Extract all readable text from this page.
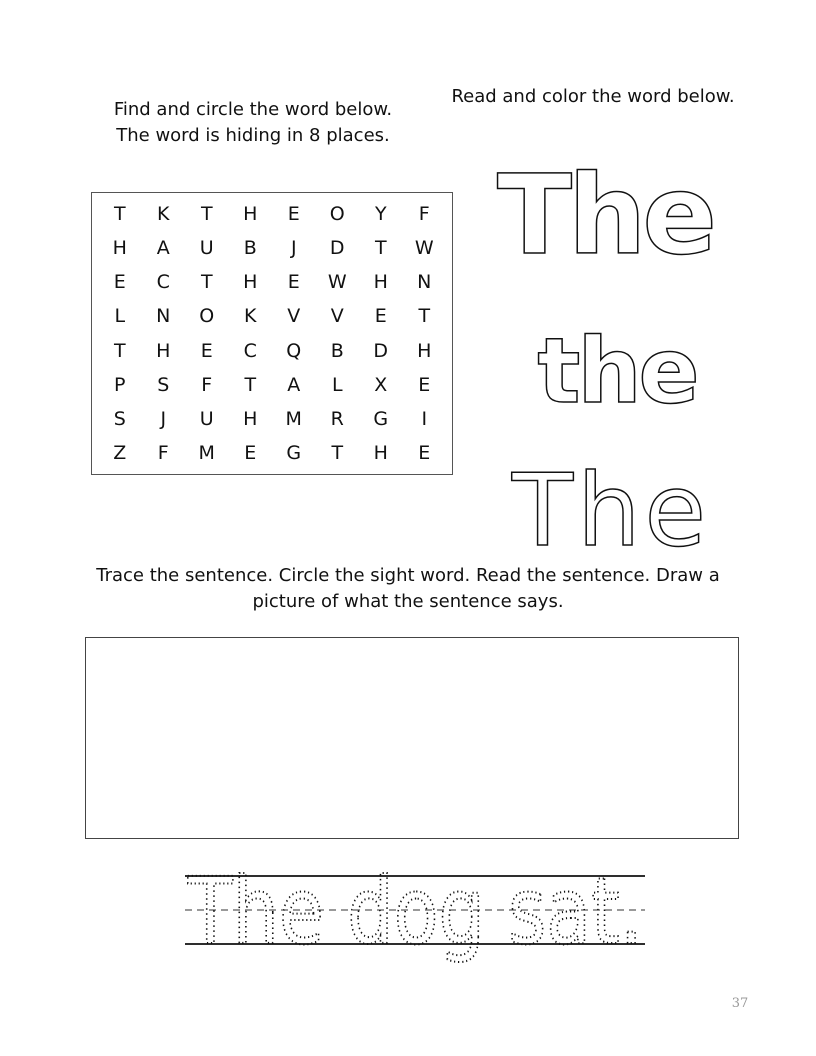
Find and circle the word below.
The word is hiding in 8 places.

Read and color the word below.

T	K	T	H	E	O	Y	F
H	A	U	B	J	D	T	W
E	C	T	H	E	W	H	N
L	N	O	K	V	V	E	T
T	H	E	C	Q	B	D	H
P	S	F	T	A	L	X	E
S	J	U	H	M	R	G	I
Z	F	M	E	G	T	H	E
The
the
The

Trace the sentence. Circle the sight word. Read the sentence. Draw a
picture of what the sentence says.

The dog sat.
37
